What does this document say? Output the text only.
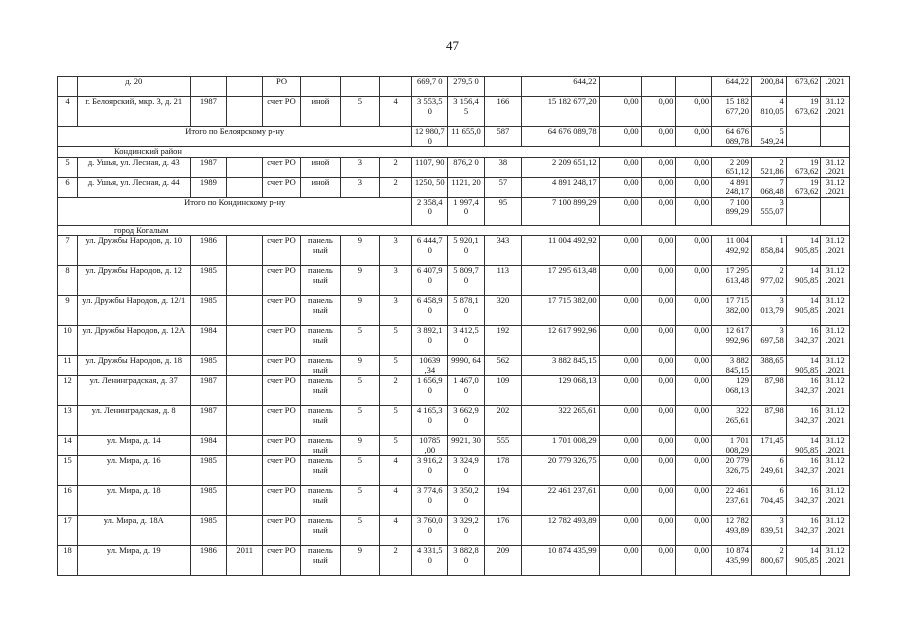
47
	д. 20			РО				669,7 0	279,5 0		644,22				644,22	200,84	673,62	.2021
4	г. Белоярский, мкр. 3, д. 21	1987		счет РО	иной	5	4	3 553,5 0	3 156,4 5	166	15 182 677,20	0,00	0,00	0,00	15 182 677,20	4 810,05	19 673,62	31.12 .2021
Итого по Белоярскому р-ну								12 980,7 0	11 655,0	587	64 676 089,78	0,00	0,00	0,00	64 676 089,78	5 549,24		
Кондинский район																		
5	д. Ушья, ул. Лесная, д. 43	1987		счет РО	иной	3	2	1107, 90	876,2 0	38	2 209 651,12	0,00	0,00	0,00	2 209 651,12	2 521,86	19 673,62	31.12 .2021
6	д. Ушья, ул. Лесная, д. 44	1989		счет РО	иной	3	2	1250, 50	1121, 20	57	4 891 248,17	0,00	0,00	0,00	4 891 248,17	7 068,48	19 673,62	31.12 .2021
Итого по Кондинскому р-ну								2 358,4 0	1 997,4 0	95	7 100 899,29	0,00	0,00	0,00	7 100 899,29	3 555,07		
город Когалым																		
7	ул. Дружбы Народов, д. 10	1986		счет РО	панель ный	9	3	6 444,7 0	5 920,1 0	343	11 004 492,92	0,00	0,00	0,00	11 004 492,92	1 858,84	14 905,85	31.12 .2021
8	ул. Дружбы Народов, д. 12	1985		счет РО	панель ный	9	3	6 407,9 0	5 809,7 0	113	17 295 613,48	0,00	0,00	0,00	17 295 613,48	2 977,02	14 905,85	31.12 .2021
9	ул. Дружбы Народов, д. 12/1	1985		счет РО	панель ный	9	3	6 458,9 0	5 878,1 0	320	17 715 382,00	0,00	0,00	0,00	17 715 382,00	3 013,79	14 905,85	31.12 .2021
10	ул. Дружбы Народов, д. 12А	1984		счет РО	панель ный	5	5	3 892,1 0	3 412,5 0	192	12 617 992,96	0,00	0,00	0,00	12 617 992,96	3 697,58	16 342,37	31.12 .2021
11	ул. Дружбы Народов, д. 18	1985		счет РО	панель ный	9	5	10639 ,34	9990, 64	562	3 882 845,15	0,00	0,00	0,00	3 882 845,15	388,65	14 905,85	31.12 .2021
12	ул. Ленинградская, д. 37	1987		счет РО	панель ный	5	2	1 656,9 0	1 467,0 0	109	129 068,13	0,00	0,00	0,00	129 068,13	87,98	16 342,37	31.12 .2021
13	ул. Ленинградская, д. 8	1987		счет РО	панель ный	5	5	4 165,3 0	3 662,9 0	202	322 265,61	0,00	0,00	0,00	322 265,61	87,98	16 342,37	31.12 .2021
14	ул. Мира, д. 14	1984		счет РО	панель ный	9	5	10785 ,00	9921, 30	555	1 701 008,29	0,00	0,00	0,00	1 701 008,29	171,45	14 905,85	31.12 .2021
15	ул. Мира, д. 16	1985		счет РО	панель ный	5	4	3 916,2 0	3 324,9 0	178	20 779 326,75	0,00	0,00	0,00	20 779 326,75	6 249,61	16 342,37	31.12 .2021
16	ул. Мира, д. 18	1985		счет РО	панель ный	5	4	3 774,6 0	3 350,2 0	194	22 461 237,61	0,00	0,00	0,00	22 461 237,61	6 704,45	16 342,37	31.12 .2021
17	ул. Мира, д. 18А	1985		счет РО	панель ный	5	4	3 760,0 0	3 329,2 0	176	12 782 493,89	0,00	0,00	0,00	12 782 493,89	3 839,51	16 342,37	31.12 .2021
18	ул. Мира, д. 19	1986	2011	счет РО	панель ный	9	2	4 331,5 0	3 882,8 0	209	10 874 435,99	0,00	0,00	0,00	10 874 435,99	2 800,67	14 905,85	31.12 .2021
